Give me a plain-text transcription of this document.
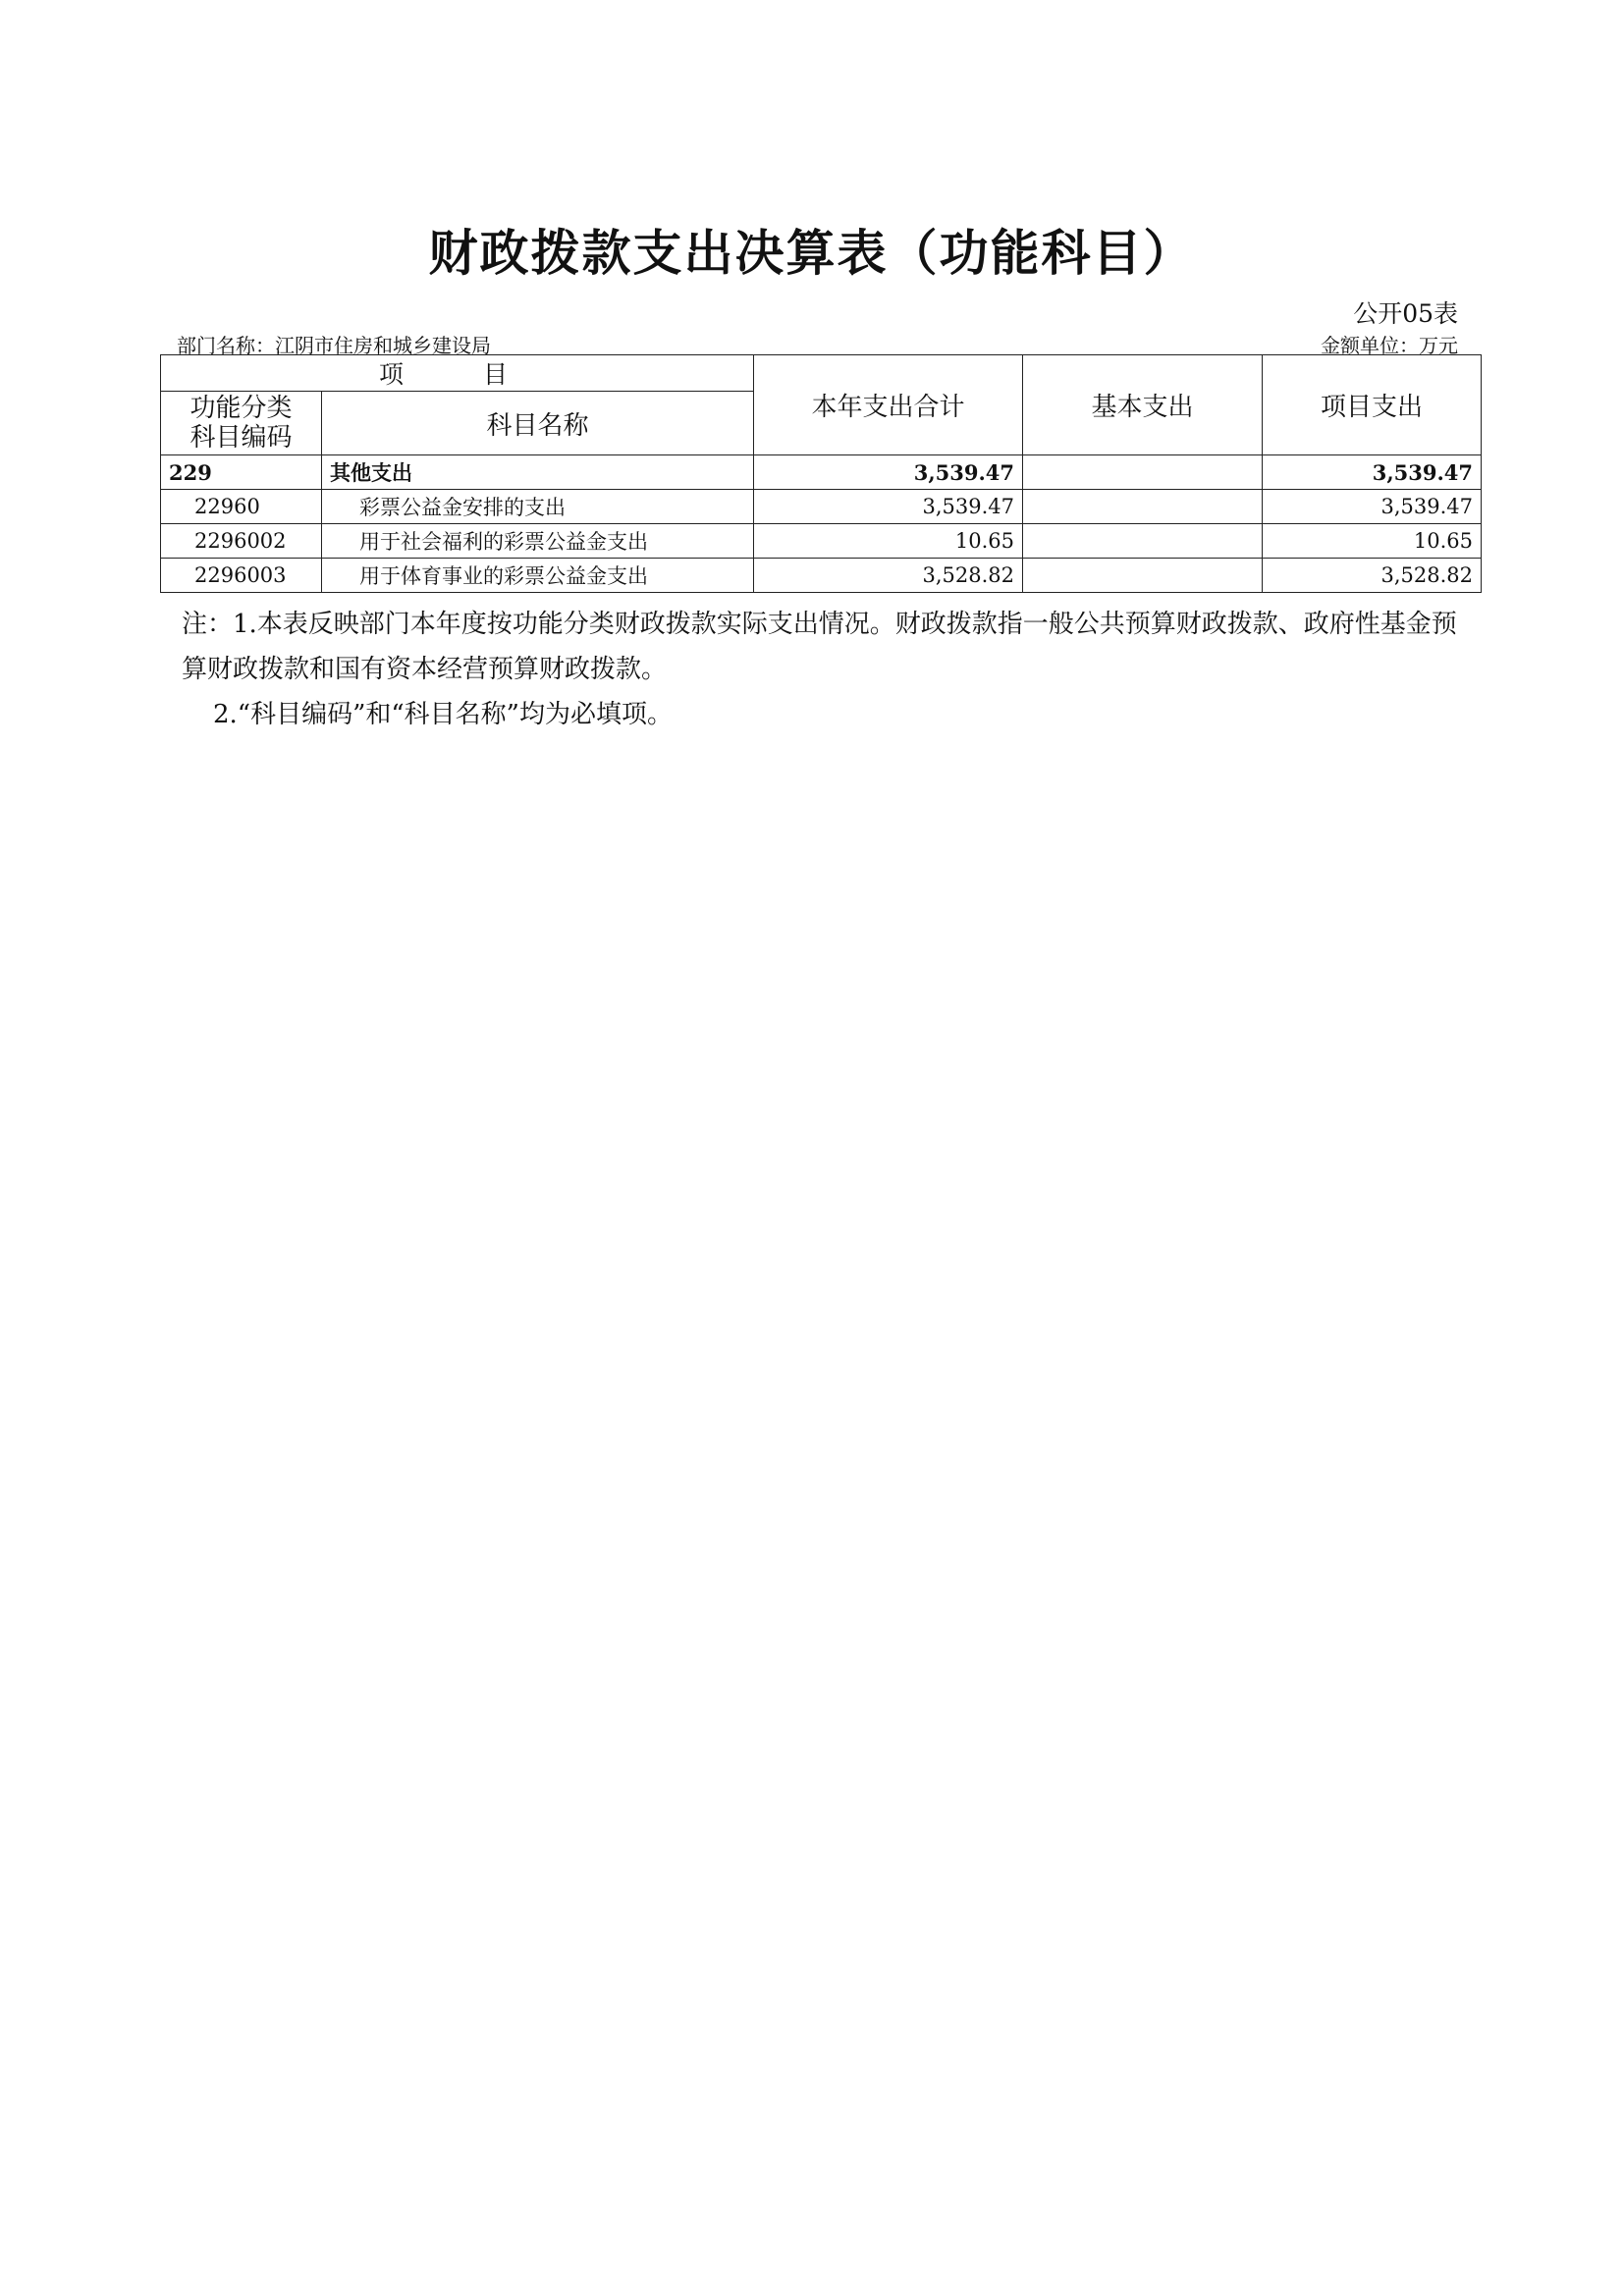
财政拨款支出决算表（功能科目）
公开05表
部门名称：江阴市住房和城乡建设局	金额单位：万元
项　目		本年支出合计	基本支出	项目支出

功能分类
科目编码	科目名称			
229	其他支出	3,539.47		3,539.47
22960	彩票公益金安排的支出	3,539.47		3,539.47
2296002	用于社会福利的彩票公益金支出	10.65		10.65
2296003	用于体育事业的彩票公益金支出	3,528.82		3,528.82

注：1.本表反映部门本年度按功能分类财政拨款实际支出情况。财政拨款指一般公共预算财政拨款、政府性基金预算财政拨款和国有资本经营预算财政拨款。

2.“科目编码”和“科目名称”均为必填项。
